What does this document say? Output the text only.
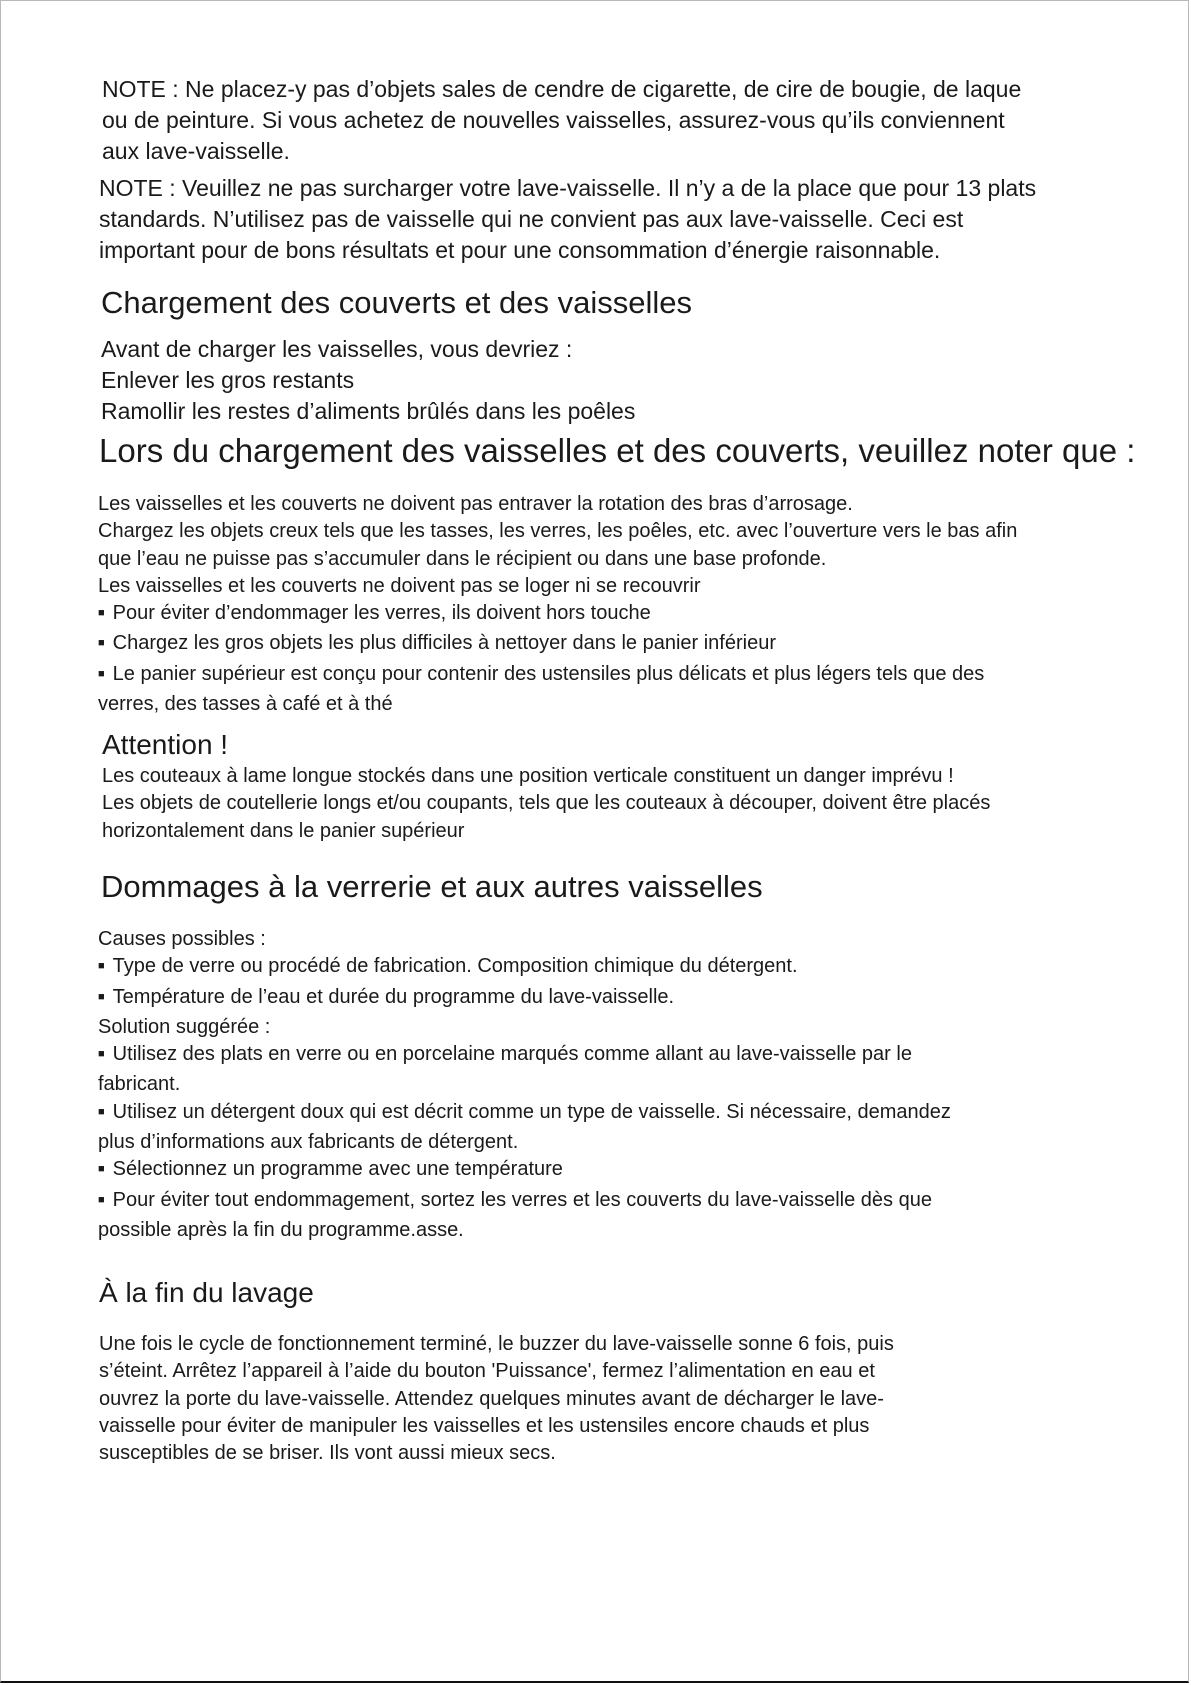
NOTE : Ne placez-y pas d’objets sales de cendre de cigarette, de cire de bougie, de laque
ou de peinture. Si vous achetez de nouvelles vaisselles, assurez-vous qu’ils conviennent
aux lave-vaisselle.
NOTE : Veuillez ne pas surcharger votre lave-vaisselle. Il n’y a de la place que pour 13 plats
standards. N’utilisez pas de vaisselle qui ne convient pas aux lave-vaisselle. Ceci est
important pour de bons résultats et pour une consommation d’énergie raisonnable.
Chargement des couverts et des vaisselles
Avant de charger les vaisselles, vous devriez :
Enlever les gros restants
Ramollir les restes d’aliments brûlés dans les poêles
Lors du chargement des vaisselles et des couverts, veuillez noter que :
Les vaisselles et les couverts ne doivent pas entraver la rotation des bras d’arrosage.
Chargez les objets creux tels que les tasses, les verres, les poêles, etc. avec l’ouverture vers le bas afin
que l’eau ne puisse pas s’accumuler dans le récipient ou dans une base profonde.
Les vaisselles et les couverts ne doivent pas se loger ni se recouvrir
■ Pour éviter d’endommager les verres, ils doivent hors touche
■ Chargez les gros objets les plus difficiles à nettoyer dans le panier inférieur
■ Le panier supérieur est conçu pour contenir des ustensiles plus délicats et plus légers tels que des
verres, des tasses à café et à thé
Attention !
Les couteaux à lame longue stockés dans une position verticale constituent un danger imprévu !
Les objets de coutellerie longs et/ou coupants, tels que les couteaux à découper, doivent être placés
horizontalement dans le panier supérieur
Dommages à la verrerie et aux autres vaisselles
Causes possibles :
■ Type de verre ou procédé de fabrication. Composition chimique du détergent.
■ Température de l’eau et durée du programme du lave-vaisselle.
Solution suggérée :
■ Utilisez des plats en verre ou en porcelaine marqués comme allant au lave-vaisselle par le
fabricant.
■ Utilisez un détergent doux qui est décrit comme un type de vaisselle. Si nécessaire, demandez
plus d’informations aux fabricants de détergent.
■ Sélectionnez un programme avec une température
■ Pour éviter tout endommagement, sortez les verres et les couverts du lave-vaisselle dès que
possible après la fin du programme.asse.
À la fin du lavage
Une fois le cycle de fonctionnement terminé, le buzzer du lave-vaisselle sonne 6 fois, puis
s’éteint. Arrêtez l’appareil à l’aide du bouton 'Puissance', fermez l’alimentation en eau et
ouvrez la porte du lave-vaisselle. Attendez quelques minutes avant de décharger le lave-
vaisselle pour éviter de manipuler les vaisselles et les ustensiles encore chauds et plus
susceptibles de se briser. Ils vont aussi mieux secs.
